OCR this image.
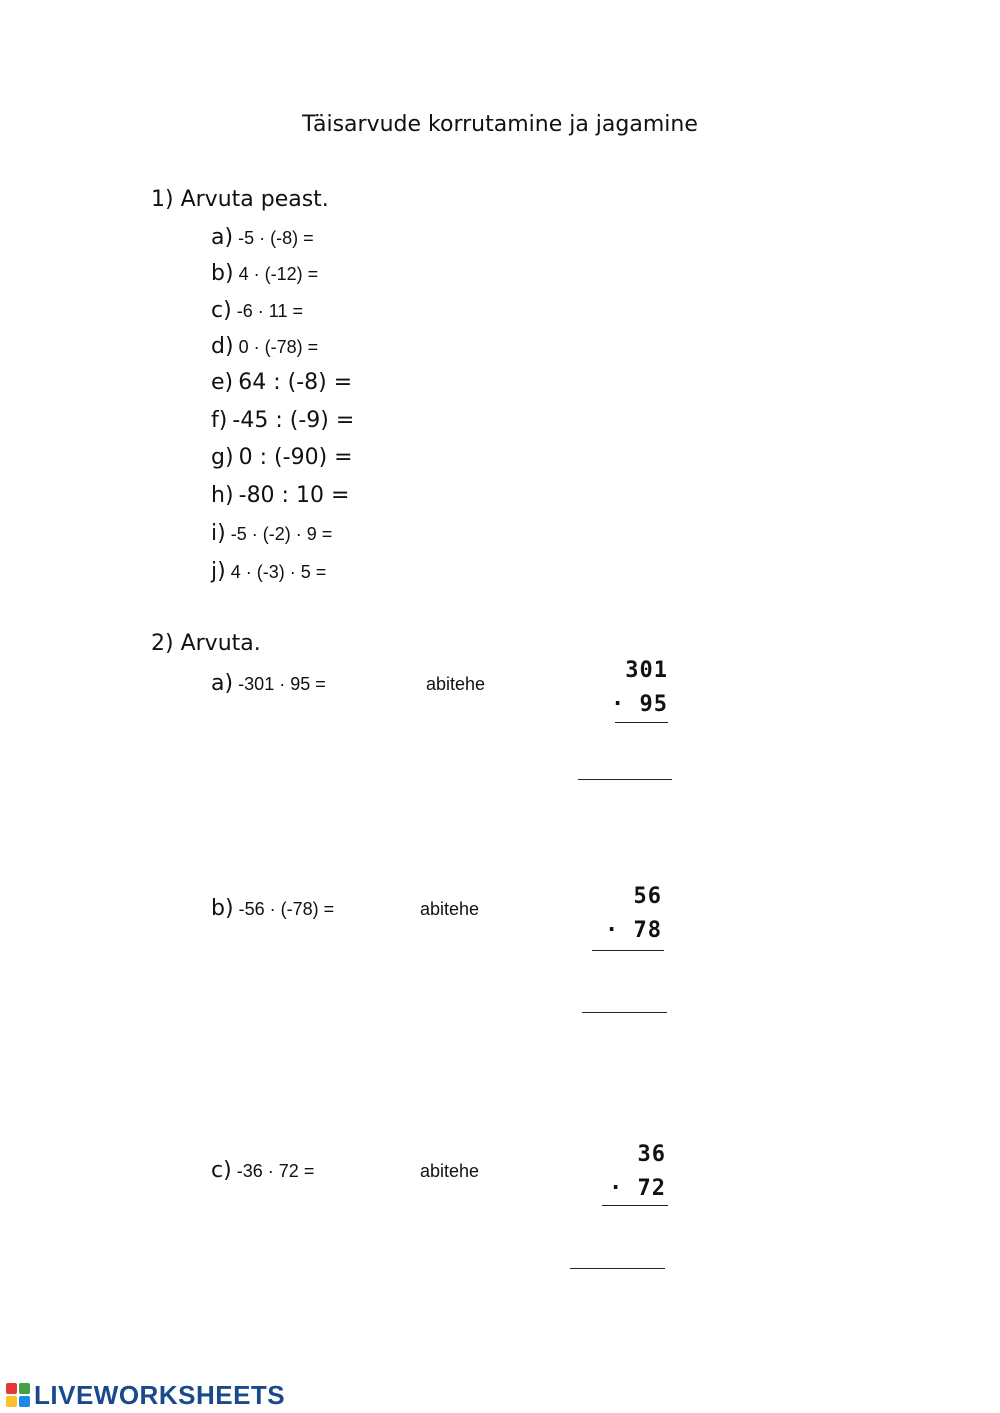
Täisarvude korrutamine ja jagamine
1) Arvuta peast.
a) -5 · (-8) =
b) 4 · (-12) =
c) -6 · 11 =
d) 0 · (-78) =
e) 64 : (-8) =
f) -45 : (-9) =
g) 0 : (-90) =
h) -80 : 10 =
i) -5 · (-2) · 9 =
j) 4 · (-3) · 5 =
2) Arvuta.
a) -301 · 95 =	abitehe
301
· 95
b) -56 · (-78) =	abitehe	56
· 78
c) -36 · 72 =	abitehe
36
· 72
LIVEWORKSHEETS
